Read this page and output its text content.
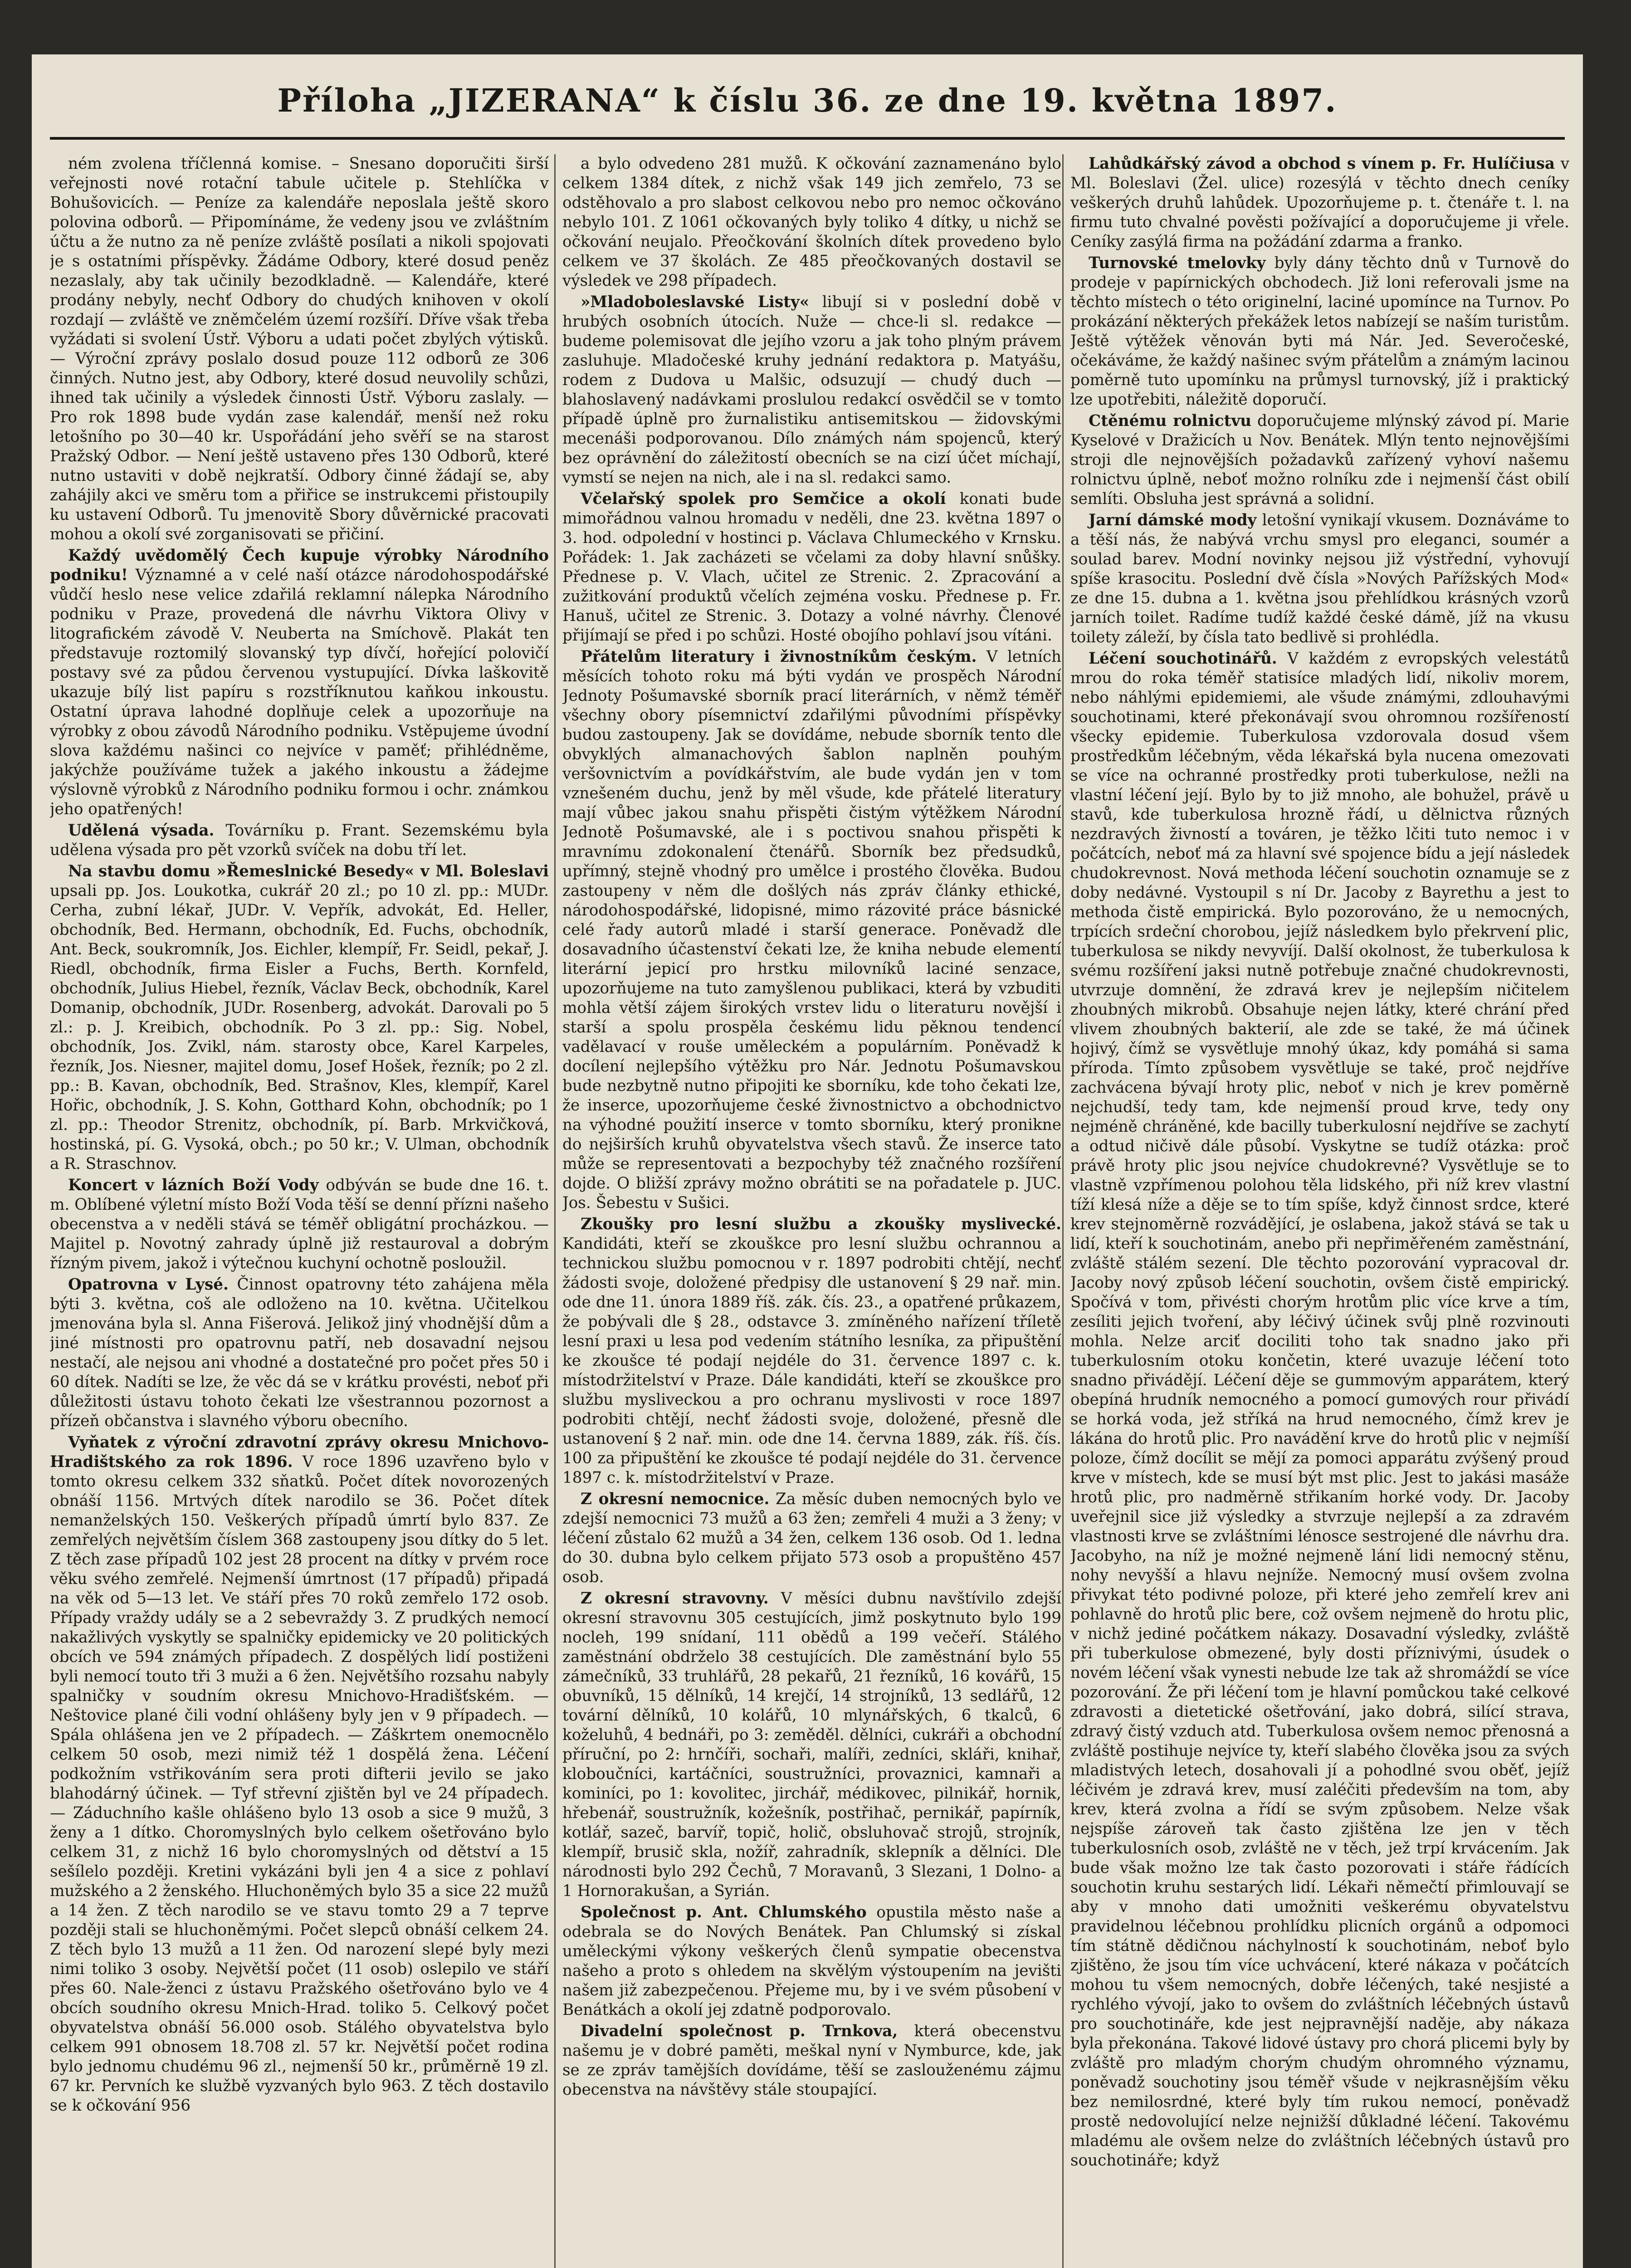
Příloha „JIZERANA“ k číslu 36. ze dne 19. května 1897.

ném zvolena tříčlenná komise. – Snesano doporučiti širší veřejnosti nové rotační tabule učitele p. Stehlíčka v Bohušovicích. — Peníze za kalendáře neposlala ještě skoro polovina odborů. — Připomínáme, že vedeny jsou ve zvláštním účtu a že nutno za ně peníze zvláště posílati a nikoli spojovati je s ostatními příspěvky. Žádáme Odbory, které dosud peněz nezaslaly, aby tak učinily bezodkladně. — Kalendáře, které prodány nebyly, nechť Odbory do chudých knihoven v okolí rozdají — zvláště ve zněmčelém území rozšíří. Dříve však třeba vyžádati si svolení Ústř. Výboru a udati počet zbylých výtisků. — Výroční zprávy poslalo dosud pouze 112 odborů ze 306 činných. Nutno jest, aby Odbory, které dosud neuvolily schůzi, ihned tak učinily a výsledek činnosti Ústř. Výboru zaslaly. — Pro rok 1898 bude vydán zase kalendář, menší než roku letošního po 30—40 kr. Uspořádání jeho svěří se na starost Pražský Odbor. — Není ještě ustaveno přes 130 Odborů, které nutno ustaviti v době nejkratší. Odbory činné žádají se, aby zahájily akci ve směru tom a přiřice se instrukcemi přistoupily ku ustavení Odborů. Tu jmenovitě Sbory důvěrnické pracovati mohou a okolí své zorganisovati se přičiní.

Každý uvědomělý Čech kupuje výrobky Národního podniku! Významné a v celé naší otázce národohospodářské vůdčí heslo nese velice zdařilá reklamní nálepka Národního podniku v Praze, provedená dle návrhu Viktora Olivy v litografickém závodě V. Neuberta na Smíchově. Plakát ten představuje roztomilý slovanský typ dívčí, hořející polovičí postavy své za půdou červenou vystupující. Dívka laškovitě ukazuje bílý list papíru s rozstříknutou kaňkou inkoustu. Ostatní úprava lahodné doplňuje celek a upozorňuje na výrobky z obou závodů Národního podniku. Vstěpujeme úvodní slova každému našinci co nejvíce v paměť; přihlédněme, jakýchže používáme tužek a jakého inkoustu a žádejme výslovně výrobků z Národního podniku formou i ochr. známkou jeho opatřených!

Udělená výsada. Továrníku p. Frant. Sezemskému byla udělena výsada pro pět vzorků svíček na dobu tří let.

Na stavbu domu »Řemeslnické Besedy« v Ml. Boleslavi upsali pp. Jos. Loukotka, cukrář 20 zl.; po 10 zl. pp.: MUDr. Cerha, zubní lékař, JUDr. V. Vepřík, advokát, Ed. Heller, obchodník, Bed. Hermann, obchodník, Ed. Fuchs, obchodník, Ant. Beck, soukromník, Jos. Eichler, klempíř, Fr. Seidl, pekař, J. Riedl, obchodník, firma Eisler a Fuchs, Berth. Kornfeld, obchodník, Julius Hiebel, řezník, Václav Beck, obchodník, Karel Domanip, obchodník, JUDr. Rosenberg, advokát. Darovali po 5 zl.: p. J. Kreibich, obchodník. Po 3 zl. pp.: Sig. Nobel, obchodník, Jos. Zvikl, nám. starosty obce, Karel Karpeles, řezník, Jos. Niesner, majitel domu, Josef Hošek, řezník; po 2 zl. pp.: B. Kavan, obchodník, Bed. Strašnov, Kles, klempíř, Karel Hořic, obchodník, J. S. Kohn, Gotthard Kohn, obchodník; po 1 zl. pp.: Theodor Strenitz, obchodník, pí. Barb. Mrkvičková, hostinská, pí. G. Vysoká, obch.; po 50 kr.; V. Ulman, obchodník a R. Straschnov.

Koncert v lázních Boží Vody odbýván se bude dne 16. t. m. Oblíbené výletní místo Boží Voda těší se denní přízni našeho obecenstva a v neděli stává se téměř obligátní procházkou. — Majitel p. Novotný zahrady úplně již restauroval a dobrým řízným pivem, jakož i výtečnou kuchyní ochotně posloužil.

Opatrovna v Lysé. Činnost opatrovny této zahájena měla býti 3. května, coš ale odloženo na 10. května. Učitelkou jmenována byla sl. Anna Fišerová. Jelikož jiný vhodnější dům a jiné místnosti pro opatrovnu patří, neb dosavadní nejsou nestačí, ale nejsou ani vhodné a dostatečné pro počet přes 50 i 60 dítek. Nadíti se lze, že věc dá se v krátku provésti, neboť při důležitosti ústavu tohoto čekati lze všestrannou pozornost a přízeň občanstva i slavného výboru obecního.

Vyňatek z výroční zdravotní zprávy okresu Mnichovo-Hradištského za rok 1896. V roce 1896 uzavřeno bylo v tomto okresu celkem 332 sňatků. Počet dítek novorozených obnáší 1156. Mrtvých dítek narodilo se 36. Počet dítek nemanželských 150. Veškerých případů úmrtí bylo 837. Ze zemřelých největším číslem 368 zastoupeny jsou dítky do 5 let. Z těch zase případů 102 jest 28 procent na dítky v prvém roce věku svého zemřelé. Nejmenší úmrtnost (17 případů) připadá na věk od 5—13 let. Ve stáří přes 70 roků zemřelo 172 osob. Případy vraždy udály se a 2 sebevraždy 3. Z prudkých nemocí nakažlivých vyskytly se spalničky epidemicky ve 20 politických obcích ve 594 známých případech. Z dospělých lidí postiženi byli nemocí touto tři 3 muži a 6 žen. Největšího rozsahu nabyly spalničky v soudním okresu Mnichovo-Hradišťském. — Neštovice plané čili vodní ohlášeny byly jen v 9 případech. — Spála ohlášena jen ve 2 případech. — Záškrtem onemocnělo celkem 50 osob, mezi nimiž též 1 dospělá žena. Léčení podkožním vstřikováním sera proti difterii jevilo se jako blahodárný účinek. — Tyf střevní zjištěn byl ve 24 případech. — Záduchního kašle ohlášeno bylo 13 osob a sice 9 mužů, 3 ženy a 1 dítko. Choromyslných bylo celkem ošetřováno bylo celkem 31, z nichž 16 bylo choromyslných od dětství a 15 sešílelo později. Kretini vykázáni byli jen 4 a sice z pohlaví mužského a 2 ženského. Hluchoněmých bylo 35 a sice 22 mužů a 14 žen. Z těch narodilo se ve stavu tomto 29 a 7 teprve později stali se hluchoněmými. Počet slepců obnáší celkem 24. Z těch bylo 13 mužů a 11 žen. Od narození slepé byly mezi nimi toliko 3 osoby. Největší počet (11 osob) oslepilo ve stáří přes 60. Nale-ženci z ústavu Pražského ošetřováno bylo ve 4 obcích soudního okresu Mnich-Hrad. toliko 5. Celkový počet obyvatelstva obnáší 56.000 osob. Stálého obyvatelstva bylo celkem 991 obnosem 18.708 zl. 57 kr. Největší počet rodina bylo jednomu chudému 96 zl., nejmenší 50 kr., průměrně 19 zl. 67 kr. Pervních ke službě vyzvaných bylo 963. Z těch dostavilo se k očkování 956

a bylo odvedeno 281 mužů. K očkování zaznamenáno bylo celkem 1384 dítek, z nichž však 149 jich zemřelo, 73 se odstěhovalo a pro slabost celkovou nebo pro nemoc očkováno nebylo 101. Z 1061 očkovaných byly toliko 4 dítky, u nichž se očkování neujalo. Přeočkování školních dítek provedeno bylo celkem ve 37 školách. Ze 485 přeočkovaných dostavil se výsledek ve 298 případech.

»Mladoboleslavské Listy« libují si v poslední době v hrubých osobních útocích. Nuže — chce-li sl. redakce — budeme polemisovat dle jejího vzoru a jak toho plným právem zasluhuje. Mladočeské kruhy jednání redaktora p. Matyášu, rodem z Dudova u Malšic, odsuzují — chudý duch — blahoslavený nadávkami proslulou redakcí osvědčil se v tomto případě úplně pro žurnalistiku antisemitskou — židovskými mecenáši podporovanou. Dílo známých nám spojenců, který bez oprávnění do záležitostí obecních se na cizí účet míchají, vymstí se nejen na nich, ale i na sl. redakci samo.

Včelařský spolek pro Semčice a okolí konati bude mimořádnou valnou hromadu v neděli, dne 23. května 1897 o 3. hod. odpolední v hostinci p. Václava Chlumeckého v Krnsku. Pořádek: 1. Jak zacházeti se včelami za doby hlavní snůšky. Přednese p. V. Vlach, učitel ze Strenic. 2. Zpracování a zužitkování produktů včelích zejména vosku. Přednese p. Fr. Hanuš, učitel ze Strenic. 3. Dotazy a volné návrhy. Členové přijímají se před i po schůzi. Hosté obojího pohlaví jsou vítáni.

Přátelům literatury i živnostníkům českým. V letních měsících tohoto roku má býti vydán ve prospěch Národní Jednoty Pošumavské sborník prací literárních, v němž téměř všechny obory písemnictví zdařilými původními příspěvky budou zastoupeny. Jak se dovídáme, nebude sborník tento dle obvyklých almanachových šablon naplněn pouhým veršovnictvím a povídkářstvím, ale bude vydán jen v tom vznešeném duchu, jenž by měl všude, kde přátelé literatury mají vůbec jakou snahu přispěti čistým výtěžkem Národní Jednotě Pošumavské, ale i s poctivou snahou přispěti k mravnímu zdokonalení čtenářů. Sborník bez předsudků, upřímný, stejně vhodný pro umělce i prostého člověka. Budou zastoupeny v něm dle došlých nás zpráv články ethické, národohospodářské, lidopisné, mimo rázovité práce básnické celé řady autorů mladé i starší generace. Poněvadž dle dosavadního účastenství čekati lze, že kniha nebude elementí literární jepicí pro hrstku milovníků laciné senzace, upozorňujeme na tuto zamyšlenou publikaci, která by vzbuditi mohla větší zájem širokých vrstev lidu o literaturu novější i starší a spolu prospěla českému lidu pěknou tendencí vadělavací v rouše uměleckém a populárním. Poněvadž k docílení nejlepšího výtěžku pro Nár. Jednotu Pošumavskou bude nezbytně nutno připojiti ke sborníku, kde toho čekati lze, že inserce, upozorňujeme české živnostnictvo a obchodnictvo na výhodné použití inserce v tomto sborníku, který pronikne do nejširších kruhů obyvatelstva všech stavů. Že inserce tato může se representovati a bezpochyby též značného rozšíření dojde. O bližší zprávy možno obrátiti se na pořadatele p. JUC. Jos. Šebestu v Sušici.

Zkoušky pro lesní službu a zkoušky myslivecké. Kandidáti, kteří se zkouškce pro lesní službu ochrannou a technickou službu pomocnou v r. 1897 podrobiti chtějí, nechť žádosti svoje, doložené předpisy dle ustanovení § 29 nař. min. ode dne 11. února 1889 říš. zák. čís. 23., a opatřené průkazem, že pobývali dle § 28., odstavce 3. zmíněného nařízení tříletě lesní praxi u lesa pod vedením státního lesníka, za připuštění ke zkoušce té podají nejdéle do 31. července 1897 c. k. místodržitelství v Praze. Dále kandidáti, kteří se zkouškce pro službu mysliveckou a pro ochranu myslivosti v roce 1897 podrobiti chtějí, nechť žádosti svoje, doložené, přesně dle ustanovení § 2 nař. min. ode dne 14. června 1889, zák. říš. čís. 100 za připuštění ke zkoušce té podají nejdéle do 31. července 1897 c. k. místodržitelství v Praze.

Z okresní nemocnice. Za měsíc duben nemocných bylo ve zdejší nemocnici 73 mužů a 63 žen; zemřeli 4 muži a 3 ženy; v léčení zůstalo 62 mužů a 34 žen, celkem 136 osob. Od 1. ledna do 30. dubna bylo celkem přijato 573 osob a propuštěno 457 osob.

Z okresní stravovny. V měsíci dubnu navštívilo zdejší okresní stravovnu 305 cestujících, jimž poskytnuto bylo 199 nocleh, 199 snídaní, 111 obědů a 199 večeří. Stálého zaměstnání obdrželo 38 cestujících. Dle zaměstnání bylo 55 zámečníků, 33 truhlářů, 28 pekařů, 21 řezníků, 16 kovářů, 15 obuvníků, 15 dělníků, 14 krejčí, 14 strojníků, 13 sedlářů, 12 tovární dělníků, 10 kolářů, 10 mlynářských, 6 tkalců, 6 koželuhů, 4 bednáři, po 3: zeměděl. dělníci, cukráři a obchodní příruční, po 2: hrnčíři, sochaři, malíři, zedníci, skláři, knihař, kloboučníci, kartáčníci, soustružníci, provaznici, kamnaři a kominíci, po 1: kovolitec, jirchář, médikovec, pilnikář, hornik, hřebenář, soustružník, kožešník, postřihač, pernikář, papírník, kotlář, sazeč, barvíř, topič, holič, obsluhovač strojů, strojník, klempíř, brusič skla, nožíř, zahradník, sklepník a dělníci. Dle národnosti bylo 292 Čechů, 7 Moravanů, 3 Slezani, 1 Dolno- a 1 Hornorakušan, a Syrián.

Společnost p. Ant. Chlumského opustila město naše a odebrala se do Nových Benátek. Pan Chlumský si získal uměleckými výkony veškerých členů sympatie obecenstva našeho a proto s ohledem na skvělým výstoupením na jevišti našem již zabezpečenou. Přejeme mu, by i ve svém působení v Benátkách a okolí jej zdatně podporovalo.

Divadelní společnost p. Trnkova, která obecenstvu našemu je v dobré paměti, meškal nyní v Nymburce, kde, jak se ze zpráv tamějších dovídáme, těší se zaslouženému zájmu obecenstva na návštěvy stále stoupající.

Lahůdkářský závod a obchod s vínem p. Fr. Hulíčiusa v Ml. Boleslavi (Žel. ulice) rozesýlá v těchto dnech ceníky veškerých druhů lahůdek. Upozorňujeme p. t. čtenáře t. l. na firmu tuto chvalné pověsti požívající a doporučujeme ji vřele. Ceníky zasýlá firma na požádání zdarma a franko.

Turnovské tmelovky byly dány těchto dnů v Turnově do prodeje v papírnických obchodech. Již loni referovali jsme na těchto místech o této originelní, laciné upomínce na Turnov. Po prokázání některých překážek letos nabízejí se naším turistům. Ještě výtěžek věnován byti má Nár. Jed. Severočeské, očekáváme, že každý našinec svým přátelům a známým lacinou poměrně tuto upomínku na průmysl turnovský, jíž i praktický lze upotřebiti, náležitě doporučí.

Ctěnému rolnictvu doporučujeme mlýnský závod pí. Marie Kyselové v Dražicích u Nov. Benátek. Mlýn tento nejnovějšími stroji dle nejnovějších požadavků zařízený vyhoví našemu rolnictvu úplně, neboť možno rolníku zde i nejmenší část obilí semlíti. Obsluha jest správná a solidní.

Jarní dámské mody letošní vynikají vkusem. Doznáváme to a těší nás, že nabývá vrchu smysl pro eleganci, soumér a soulad barev. Modní novinky nejsou již výstřední, vyhovují spíše krasocitu. Poslední dvě čísla »Nových Pařížských Mod« ze dne 15. dubna a 1. května jsou přehlídkou krásných vzorů jarních toilet. Radíme tudíž každé české dámě, jíž na vkusu toilety záleží, by čísla tato bedlivě si prohlédla.

Léčení souchotinářů. V každém z evropských velestátů mrou do roka téměř statisíce mladých lidí, nikoliv morem, nebo náhlými epidemiemi, ale všude známými, zdlouhavými souchotinami, které překonávají svou ohromnou rozšířeností všecky epidemie. Tuberkulosa vzdorovala dosud všem prostředkům léčebným, věda lékařská byla nucena omezovati se více na ochranné prostředky proti tuberkulose, nežli na vlastní léčení její. Bylo by to již mnoho, ale bohužel, právě u stavů, kde tuberkulosa hrozně řádí, u dělnictva různých nezdravých živností a továren, je těžko lčiti tuto nemoc i v počátcích, neboť má za hlavní své spojence bídu a její následek chudokrevnost. Nová methoda léčení souchotin oznamuje se z doby nedávné. Vystoupil s ní Dr. Jacoby z Bayrethu a jest to methoda čistě empirická. Bylo pozorováno, že u nemocných, trpících srdeční chorobou, jejíž následkem bylo překrvení plic, tuberkulosa se nikdy nevyvíjí. Další okolnost, že tuberkulosa k svému rozšíření jaksi nutně potřebuje značné chudokrevnosti, utvrzuje domnění, že zdravá krev je nejlepším ničitelem zhoubných mikrobů. Obsahuje nejen látky, které chrání před vlivem zhoubných bakterií, ale zde se také, že má účinek hojivý, čímž se vysvětluje mnohý úkaz, kdy pomáhá si sama příroda. Tímto způsobem vysvětluje se také, proč nejdříve zachvácena bývají hroty plic, neboť v nich je krev poměrně nejchudší, tedy tam, kde nejmenší proud krve, tedy ony nejméně chráněné, kde bacilly tuberkulosní nejdříve se zachytí a odtud ničivě dále působí. Vyskytne se tudíž otázka: proč právě hroty plic jsou nejvíce chudokrevné? Vysvětluje se to vlastně vzpřímenou polohou těla lidského, při níž krev vlastní tíží klesá níže a děje se to tím spíše, když činnost srdce, které krev stejnoměrně rozvádějící, je oslabena, jakož stává se tak u lidí, kteří k souchotinám, anebo při nepřiměřeném zaměstnání, zvláště stálém sezení. Dle těchto pozorování vypracoval dr. Jacoby nový způsob léčení souchotin, ovšem čistě empirický. Spočívá v tom, přivésti chorým hrotům plic více krve a tím, zesíliti jejich tvoření, aby léčivý účinek svůj plně rozvinouti mohla. Nelze arciť dociliti toho tak snadno jako při tuberkulosním otoku končetin, které uvazuje léčení toto snadno přivádějí. Léčení děje se gummovým apparátem, který obepíná hrudník nemocného a pomocí gumových rour přivádí se horká voda, jež stříká na hrud nemocného, čímž krev je lákána do hrotů plic. Pro navádění krve do hrotů plic v nejmíší poloze, čímž docílit se mějí za pomoci apparátu zvýšený proud krve v místech, kde se musí být mst plic. Jest to jakási masáže hrotů plic, pro nadměrně střikaním horké vody. Dr. Jacoby uveřejnil sice již výsledky a stvrzuje nejlepší a za zdravém vlastnosti krve se zvláštními lénosce sestrojené dle návrhu dra. Jacobyho, na níž je možné nejmeně lání lidi nemocný stěnu, nohy nevyšší a hlavu nejníže. Nemocný musí ovšem zvolna přivykat této podivné poloze, při které jeho zemřelí krev ani pohlavně do hrotů plic bere, což ovšem nejmeně do hrotu plic, v nichž jediné počátkem nákazy. Dosavadní výsledky, zvláště při tuberkulose obmezené, byly dosti příznivými, úsudek o novém léčení však vynesti nebude lze tak až shromáždí se více pozorování. Že při léčení tom je hlavní pomůckou také celkové zdravosti a dietetické ošetřování, jako dobrá, silící strava, zdravý čistý vzduch atd. Tuberkulosa ovšem nemoc přenosná a zvláště postihuje nejvíce ty, kteří slabého člověka jsou za svých mladistvých letech, dosahovali jí a pohodlné svou oběť, jejíž léčivém je zdravá krev, musí zaléčiti především na tom, aby krev, která zvolna a řídí se svým způsobem. Nelze však nejspíše zároveň tak často zjištěna lze jen v těch tuberkulosních osob, zvláště ne v těch, jež trpí krvácením. Jak bude však možno lze tak často pozorovati i stáře řádících souchotin kruhu sestarých lidí. Lékaři němečtí přimlouvají se aby v mnoho dati umožniti veškerému obyvatelstvu pravidelnou léčebnou prohlídku plicních orgánů a odpomoci tím státně dědičnou náchylností k souchotinám, neboť bylo zjištěno, že jsou tím více uchvácení, které nákaza v počátcích mohou tu všem nemocných, dobře léčených, také nesjisté a rychlého vývojí, jako to ovšem do zvláštních léčebných ústavů pro souchotináře, kde jest nejpravnější naděje, aby nákaza byla překonána. Takové lidové ústavy pro chorá plicemi byly by zvláště pro mladým chorým chudým ohromného významu, poněvadž souchotiny jsou téměř všude v nejkrasnějším věku bez nemilosrdné, které byly tím rukou nemocí, poněvadž prostě nedovolující nelze nejnižší důkladné léčení. Takovému mladému ale ovšem nelze do zvláštních léčebných ústavů pro souchotináře; když
